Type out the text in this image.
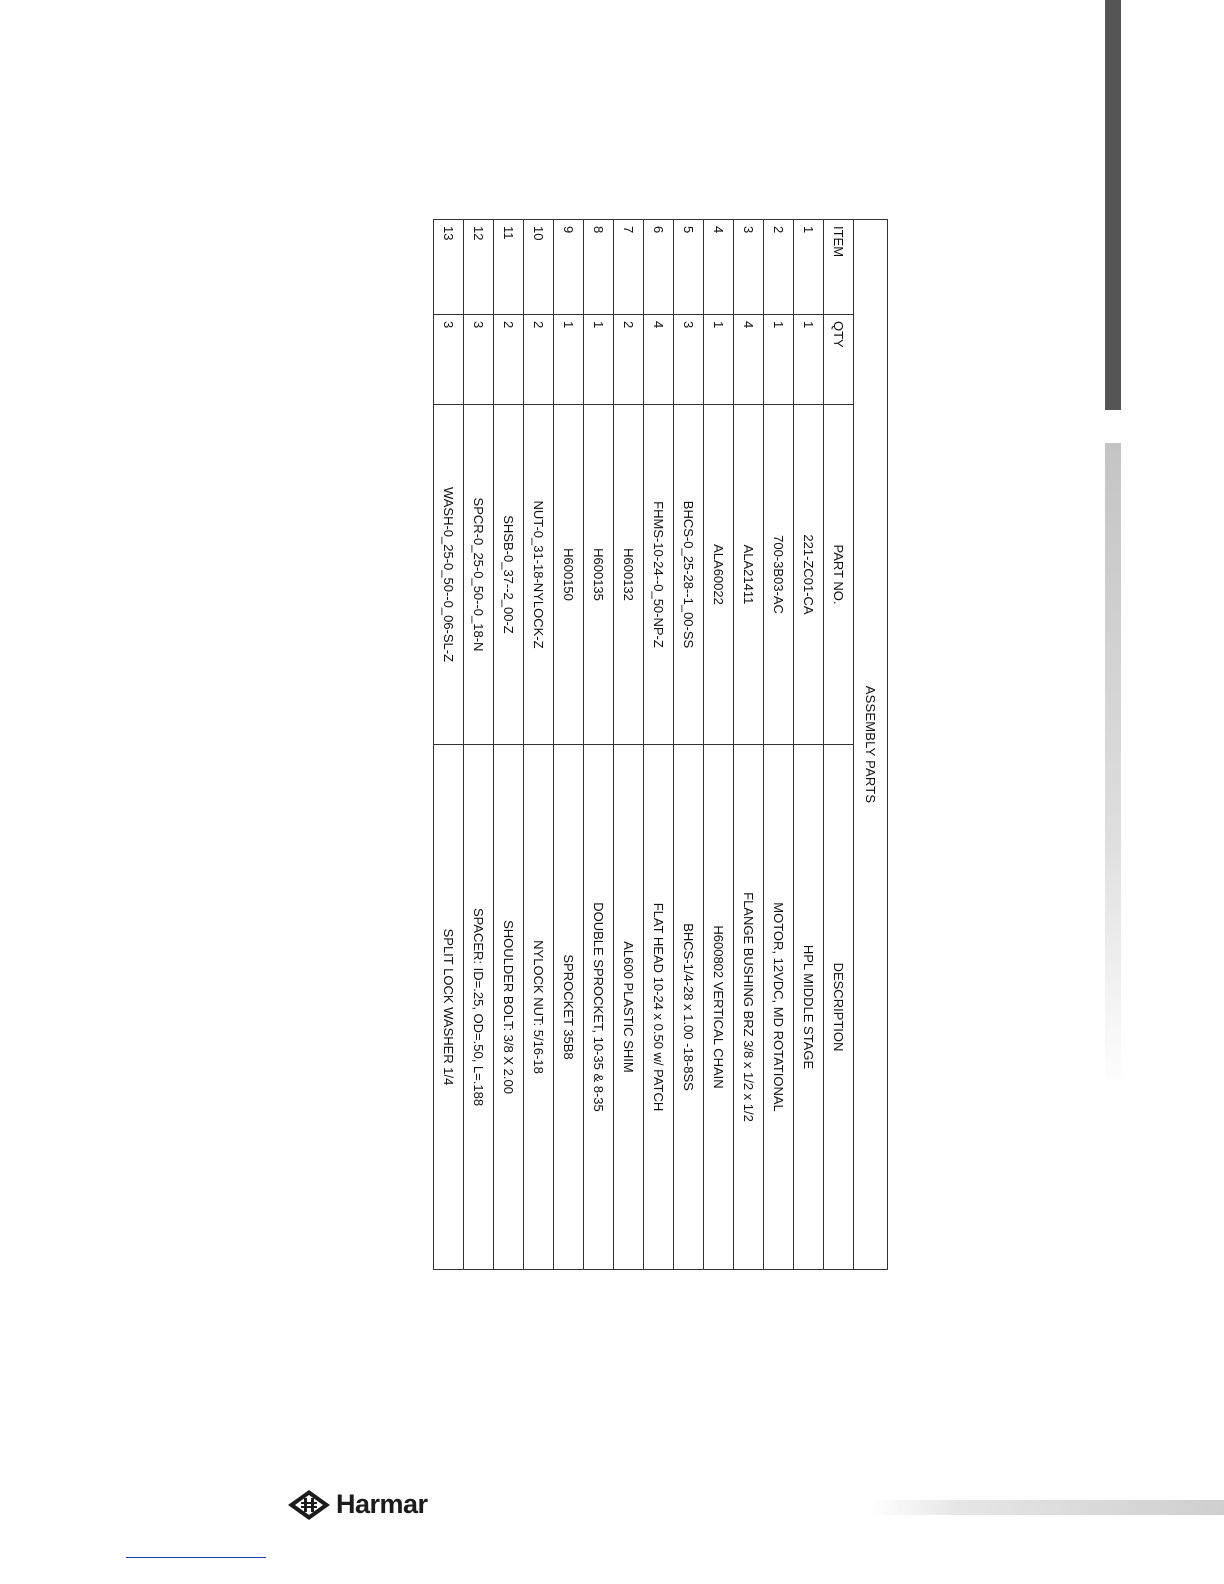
ASSEMBLY PARTS			
ITEM	QTY	PART NO.	DESCRIPTION
1	1	221-ZC01-CA	HPL MIDDLE STAGE
2	1	700-3B03-AC	MOTOR, 12VDC, MD ROTATIONAL
3	4	ALA21411	FLANGE BUSHING BRZ 3/8 x 1/2 x 1/2
4	1	ALA60022	H600802 VERTICAL CHAIN
5	3	BHCS-0_25-28--1_00-SS	BHCS-1/4-28 x 1.00 -18-8SS
6	4	FHMS-10-24--0_50-NP-Z	FLAT HEAD 10-24 x 0.50 w/ PATCH
7	2	H600132	AL600 PLASTIC SHIM
8	1	H600135	DOUBLE SPROCKET, 10-35 & 8-35
9	1	H600150	SPROCKET 35B8
10	2	NUT-0_31-18-NYLOCK-Z	NYLOCK NUT: 5/16-18
11	2	SHSB-0_37--2_00-Z	SHOULDER BOLT: 3/8 X 2.00
12	3	SPCR-0_25-0_50--0_18-N	SPACER: ID=.25, OD=.50, L=.188
13	3	WASH-0_25-0_50--0_06-SL-Z	SPLIT LOCK WASHER 1/4
Harmar
